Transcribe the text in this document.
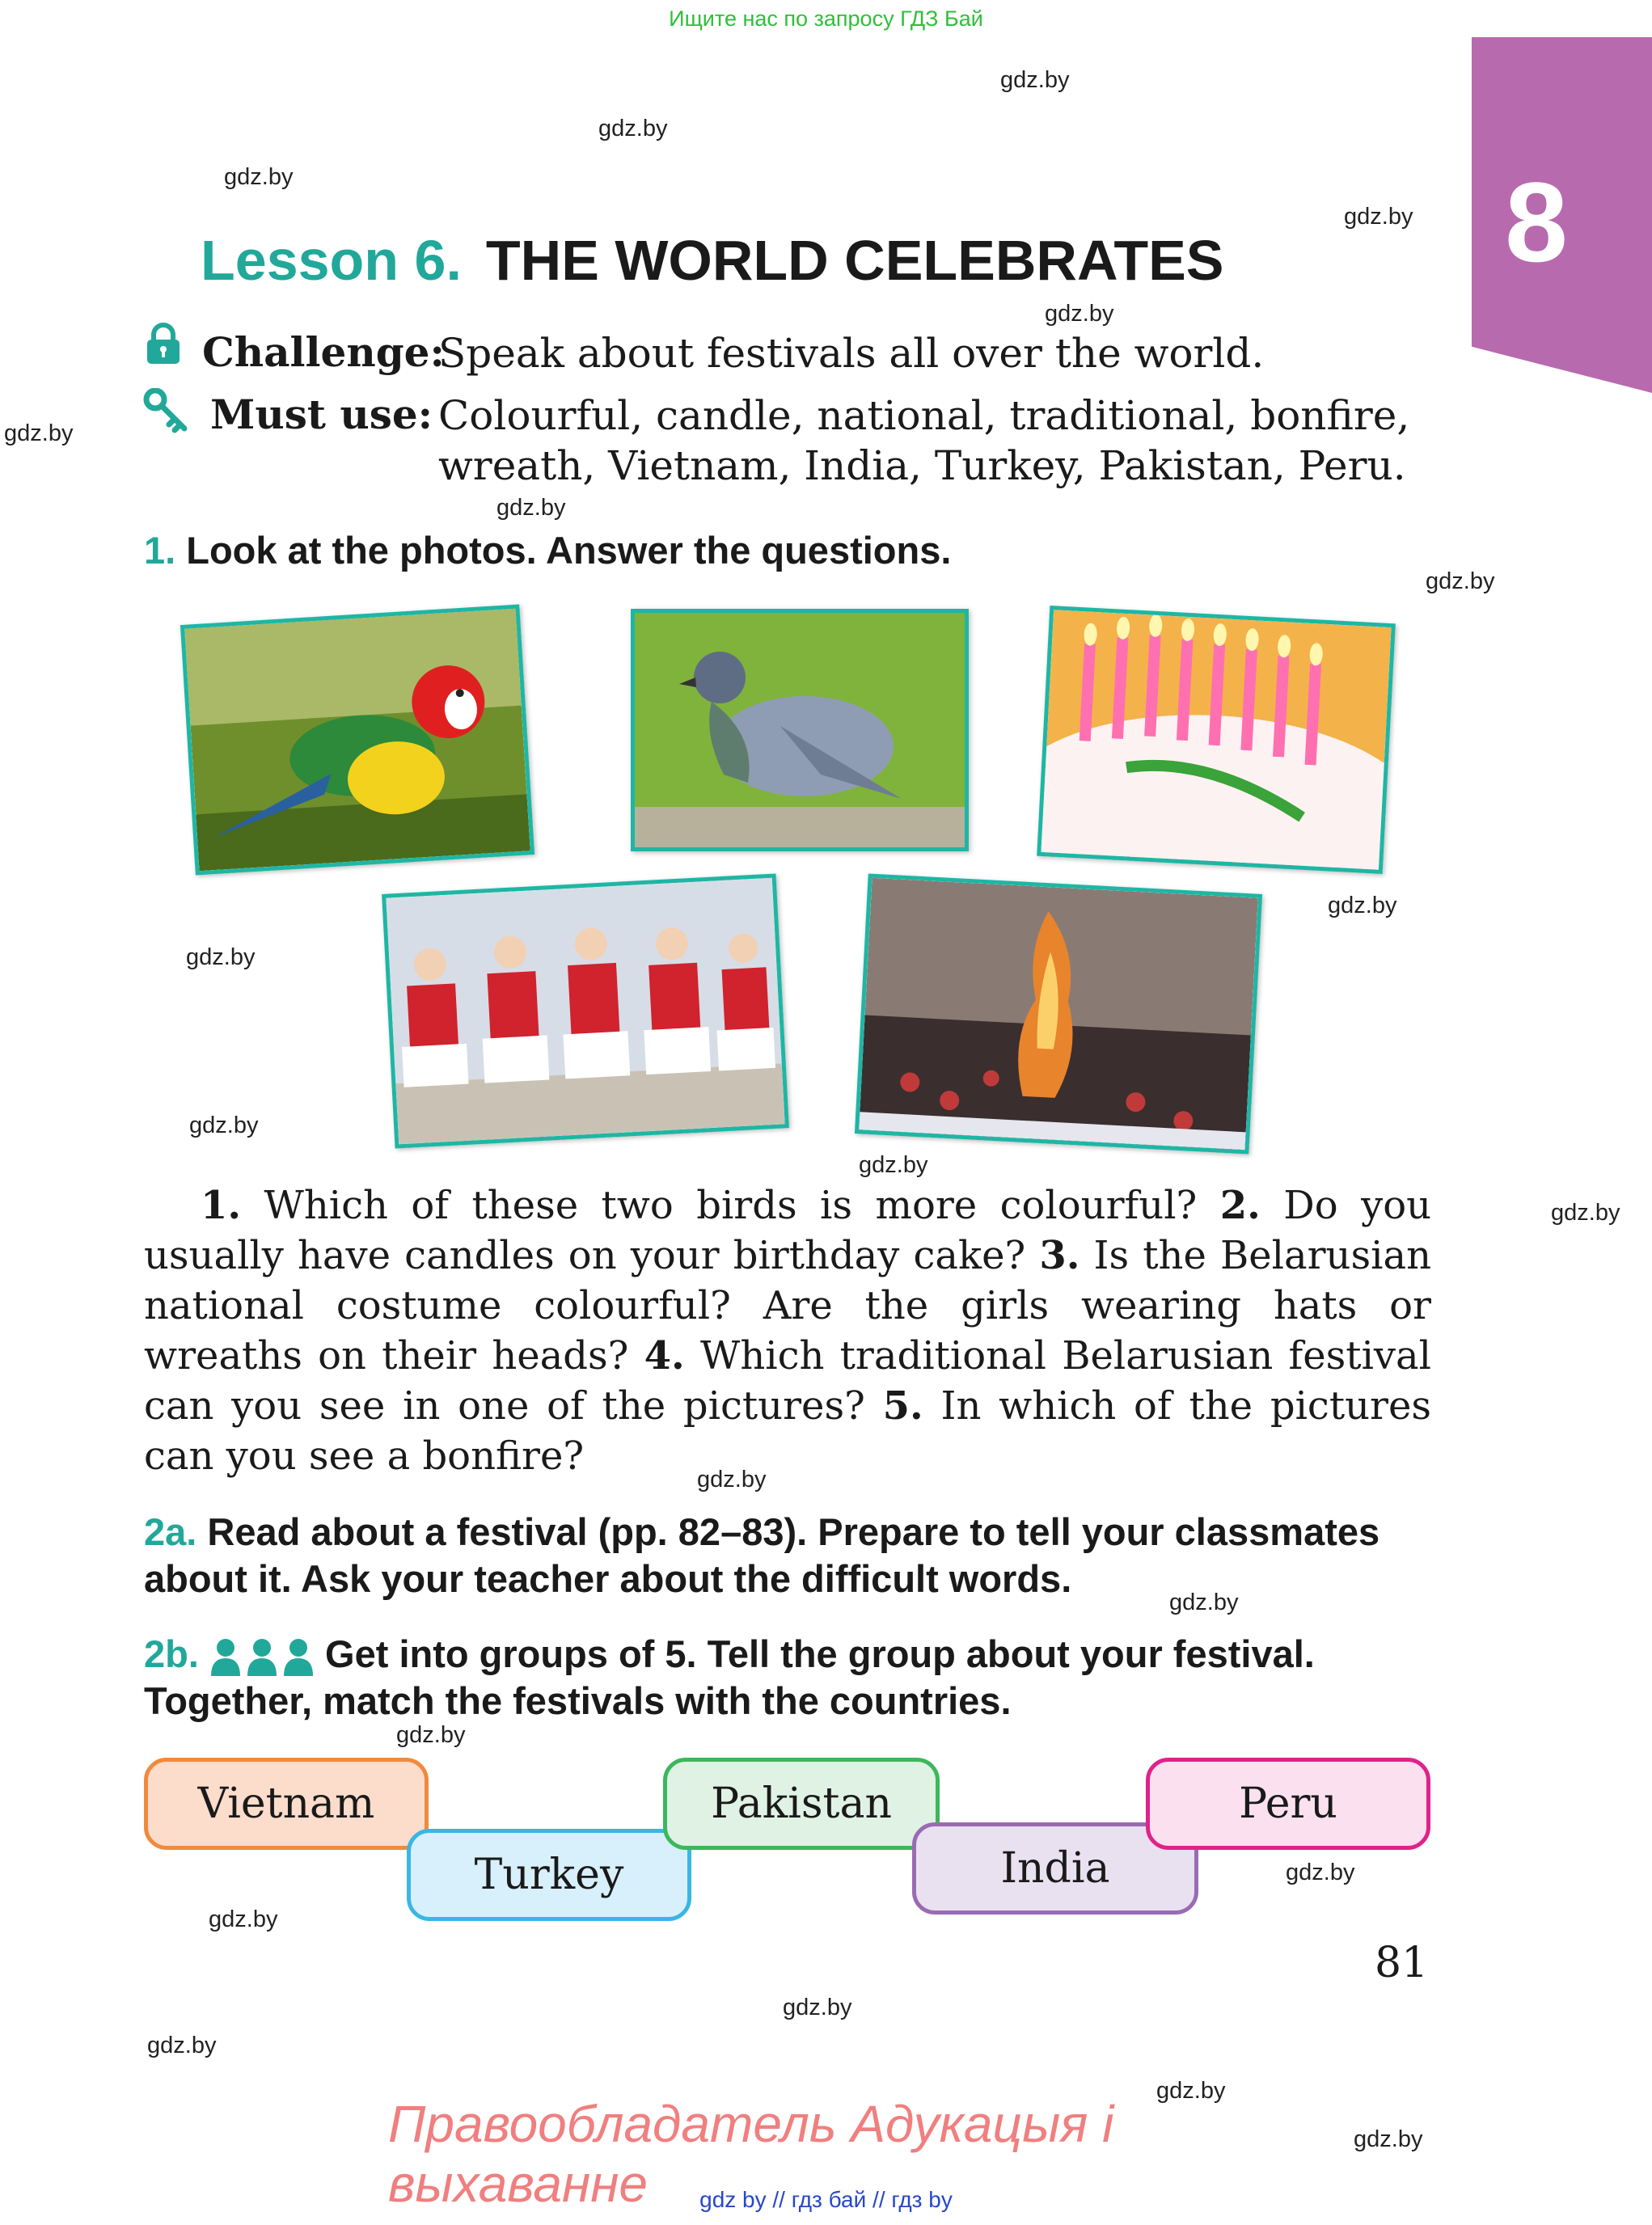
Ищите нас по запросу ГДЗ Бай
8
gdz.by
gdz.by
gdz.by
gdz.by
gdz.by
gdz.by
gdz.by
gdz.by
gdz.by
gdz.by
gdz.by
gdz.by
gdz.by
gdz.by
gdz.by
gdz.by
gdz.by
gdz.by
gdz.by
gdz.by
gdz.by
gdz.by
Lesson 6. THE WORLD CELEBRATES
Challenge:
Speak about festivals all over the world.
Must use: Colourful, candle, national, traditional, bonfire,
wreath, Vietnam, India, Turkey, Pakistan, Peru.
1. Look at the photos. Answer the questions.
1. Which of these two birds is more colourful? 2. Do you usually have candles on your birthday cake? 3. Is the Belarusian national costume colourful? Are the girls wearing hats or wreaths on their heads? 4. Which traditional Belarusian festival can you see in one of the pictures? 5. In which of the pictures can you see a bonfire?
2a. Read about a festival (pp. 82–83). Prepare to tell your classmates
about it. Ask your teacher about the difficult words.
2b.	Get into groups of 5. Tell the group about your festival.
Together, match the festivals with the countries.
Vietnam
Turkey
Pakistan
India
Peru
81
Правообладатель Адукацыя і выхаванне	gdz by // гдз бай // гдз by
